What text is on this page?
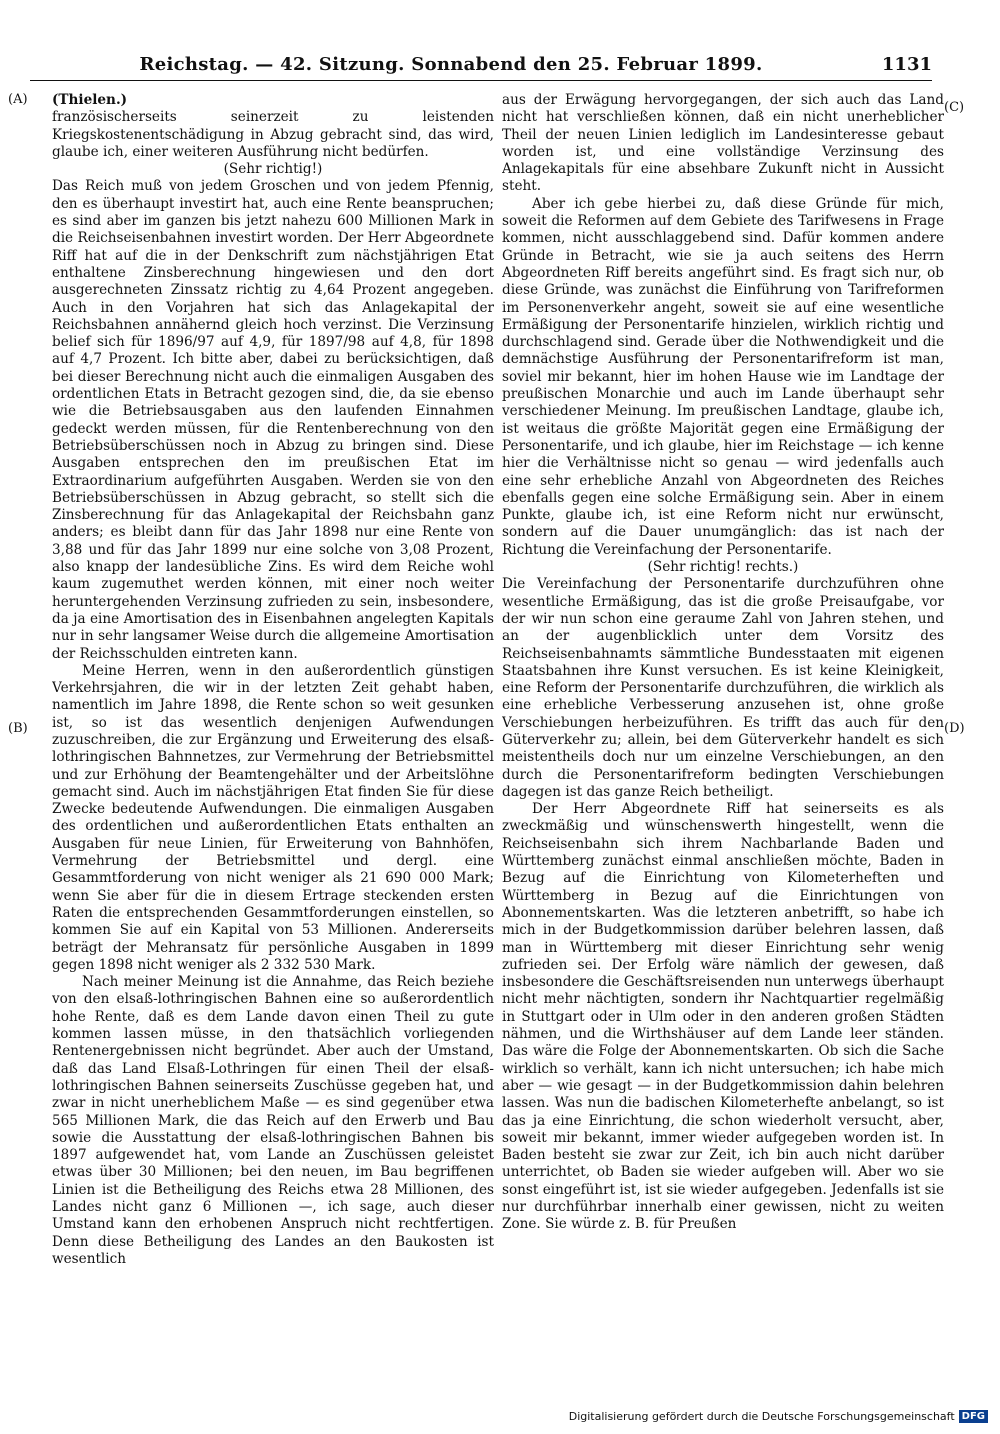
Reichstag. — 42. Sitzung. Sonnabend den 25. Februar 1899.	1131
(A)
(B)
(C)
(D)

(Thielen.)

französischerseits seinerzeit zu leistenden Kriegskostenentschädigung in Abzug gebracht sind, das wird, glaube ich, einer weiteren Ausführung nicht bedürfen.

(Sehr richtig!)

Das Reich muß von jedem Groschen und von jedem Pfennig, den es überhaupt investirt hat, auch eine Rente beanspruchen; es sind aber im ganzen bis jetzt nahezu 600 Millionen Mark in die Reichseisenbahnen investirt worden. Der Herr Abgeordnete Riff hat auf die in der Denkschrift zum nächstjährigen Etat enthaltene Zinsberechnung hingewiesen und den dort ausgerechneten Zinssatz richtig zu 4,64 Prozent angegeben. Auch in den Vorjahren hat sich das Anlagekapital der Reichsbahnen annähernd gleich hoch verzinst. Die Verzinsung belief sich für 1896/97 auf 4,9, für 1897/98 auf 4,8, für 1898 auf 4,7 Prozent. Ich bitte aber, dabei zu berücksichtigen, daß bei dieser Berechnung nicht auch die einmaligen Ausgaben des ordentlichen Etats in Betracht gezogen sind, die, da sie ebenso wie die Betriebsausgaben aus den laufenden Einnahmen gedeckt werden müssen, für die Rentenberechnung von den Betriebsüberschüssen noch in Abzug zu bringen sind. Diese Ausgaben entsprechen den im preußischen Etat im Extraordinarium aufgeführten Ausgaben. Werden sie von den Betriebsüberschüssen in Abzug gebracht, so stellt sich die Zinsberechnung für das Anlagekapital der Reichsbahn ganz anders; es bleibt dann für das Jahr 1898 nur eine Rente von 3,88 und für das Jahr 1899 nur eine solche von 3,08 Prozent, also knapp der landesübliche Zins. Es wird dem Reiche wohl kaum zugemuthet werden können, mit einer noch weiter heruntergehenden Verzinsung zufrieden zu sein, insbesondere, da ja eine Amortisation des in Eisenbahnen angelegten Kapitals nur in sehr langsamer Weise durch die allgemeine Amortisation der Reichsschulden eintreten kann.

Meine Herren, wenn in den außerordentlich günstigen Verkehrsjahren, die wir in der letzten Zeit gehabt haben, namentlich im Jahre 1898, die Rente schon so weit gesunken ist, so ist das wesentlich denjenigen Aufwendungen zuzuschreiben, die zur Ergänzung und Erweiterung des elsaß-lothringischen Bahnnetzes, zur Vermehrung der Betriebsmittel und zur Erhöhung der Beamtengehälter und der Arbeitslöhne gemacht sind. Auch im nächstjährigen Etat finden Sie für diese Zwecke bedeutende Aufwendungen. Die einmaligen Ausgaben des ordentlichen und außerordentlichen Etats enthalten an Ausgaben für neue Linien, für Erweiterung von Bahnhöfen, Vermehrung der Betriebsmittel und dergl. eine Gesammtforderung von nicht weniger als 21 690 000 Mark; wenn Sie aber für die in diesem Ertrage steckenden ersten Raten die entsprechenden Gesammtforderungen einstellen, so kommen Sie auf ein Kapital von 53 Millionen. Andererseits beträgt der Mehransatz für persönliche Ausgaben in 1899 gegen 1898 nicht weniger als 2 332 530 Mark.

Nach meiner Meinung ist die Annahme, das Reich beziehe von den elsaß-lothringischen Bahnen eine so außerordentlich hohe Rente, daß es dem Lande davon einen Theil zu gute kommen lassen müsse, in den thatsächlich vorliegenden Rentenergebnissen nicht begründet. Aber auch der Umstand, daß das Land Elsaß-Lothringen für einen Theil der elsaß-lothringischen Bahnen seinerseits Zuschüsse gegeben hat, und zwar in nicht unerheblichem Maße — es sind gegenüber etwa 565 Millionen Mark, die das Reich auf den Erwerb und Bau sowie die Ausstattung der elsaß-lothringischen Bahnen bis 1897 aufgewendet hat, vom Lande an Zuschüssen geleistet etwas über 30 Millionen; bei den neuen, im Bau begriffenen Linien ist die Betheiligung des Reichs etwa 28 Millionen, des Landes nicht ganz 6 Millionen —, ich sage, auch dieser Umstand kann den erhobenen Anspruch nicht rechtfertigen. Denn diese Betheiligung des Landes an den Baukosten ist wesentlich

aus der Erwägung hervorgegangen, der sich auch das Land nicht hat verschließen können, daß ein nicht unerheblicher Theil der neuen Linien lediglich im Landesinteresse gebaut worden ist, und eine vollständige Verzinsung des Anlagekapitals für eine absehbare Zukunft nicht in Aussicht steht.

Aber ich gebe hierbei zu, daß diese Gründe für mich, soweit die Reformen auf dem Gebiete des Tarifwesens in Frage kommen, nicht ausschlaggebend sind. Dafür kommen andere Gründe in Betracht, wie sie ja auch seitens des Herrn Abgeordneten Riff bereits angeführt sind. Es fragt sich nur, ob diese Gründe, was zunächst die Einführung von Tarifreformen im Personenverkehr angeht, soweit sie auf eine wesentliche Ermäßigung der Personentarife hinzielen, wirklich richtig und durchschlagend sind. Gerade über die Nothwendigkeit und die demnächstige Ausführung der Personentarifreform ist man, soviel mir bekannt, hier im hohen Hause wie im Landtage der preußischen Monarchie und auch im Lande überhaupt sehr verschiedener Meinung. Im preußischen Landtage, glaube ich, ist weitaus die größte Majorität gegen eine Ermäßigung der Personentarife, und ich glaube, hier im Reichstage — ich kenne hier die Verhältnisse nicht so genau — wird jedenfalls auch eine sehr erhebliche Anzahl von Abgeordneten des Reiches ebenfalls gegen eine solche Ermäßigung sein. Aber in einem Punkte, glaube ich, ist eine Reform nicht nur erwünscht, sondern auf die Dauer unumgänglich: das ist nach der Richtung die Vereinfachung der Personentarife.

(Sehr richtig! rechts.)

Die Vereinfachung der Personentarife durchzuführen ohne wesentliche Ermäßigung, das ist die große Preisaufgabe, vor der wir nun schon eine geraume Zahl von Jahren stehen, und an der augenblicklich unter dem Vorsitz des Reichseisenbahnamts sämmtliche Bundesstaaten mit eigenen Staatsbahnen ihre Kunst versuchen. Es ist keine Kleinigkeit, eine Reform der Personentarife durchzuführen, die wirklich als eine erhebliche Verbesserung anzusehen ist, ohne große Verschiebungen herbeizuführen. Es trifft das auch für den Güterverkehr zu; allein, bei dem Güterverkehr handelt es sich meistentheils doch nur um einzelne Verschiebungen, an den durch die Personentarifreform bedingten Verschiebungen dagegen ist das ganze Reich betheiligt.

Der Herr Abgeordnete Riff hat seinerseits es als zweckmäßig und wünschenswerth hingestellt, wenn die Reichseisenbahn sich ihrem Nachbarlande Baden und Württemberg zunächst einmal anschließen möchte, Baden in Bezug auf die Einrichtung von Kilometerheften und Württemberg in Bezug auf die Einrichtungen von Abonnementskarten. Was die letzteren anbetrifft, so habe ich mich in der Budgetkommission darüber belehren lassen, daß man in Württemberg mit dieser Einrichtung sehr wenig zufrieden sei. Der Erfolg wäre nämlich der gewesen, daß insbesondere die Geschäftsreisenden nun unterwegs überhaupt nicht mehr nächtigten, sondern ihr Nachtquartier regelmäßig in Stuttgart oder in Ulm oder in den anderen großen Städten nähmen, und die Wirthshäuser auf dem Lande leer ständen. Das wäre die Folge der Abonnementskarten. Ob sich die Sache wirklich so verhält, kann ich nicht untersuchen; ich habe mich aber — wie gesagt — in der Budgetkommission dahin belehren lassen. Was nun die badischen Kilometerhefte anbelangt, so ist das ja eine Einrichtung, die schon wiederholt versucht, aber, soweit mir bekannt, immer wieder aufgegeben worden ist. In Baden besteht sie zwar zur Zeit, ich bin auch nicht darüber unterrichtet, ob Baden sie wieder aufgeben will. Aber wo sie sonst eingeführt ist, ist sie wieder aufgegeben. Jedenfalls ist sie nur durchführbar innerhalb einer gewissen, nicht zu weiten Zone. Sie würde z. B. für Preußen

Digitalisierung gefördert durch die Deutsche Forschungsgemeinschaft DFG
